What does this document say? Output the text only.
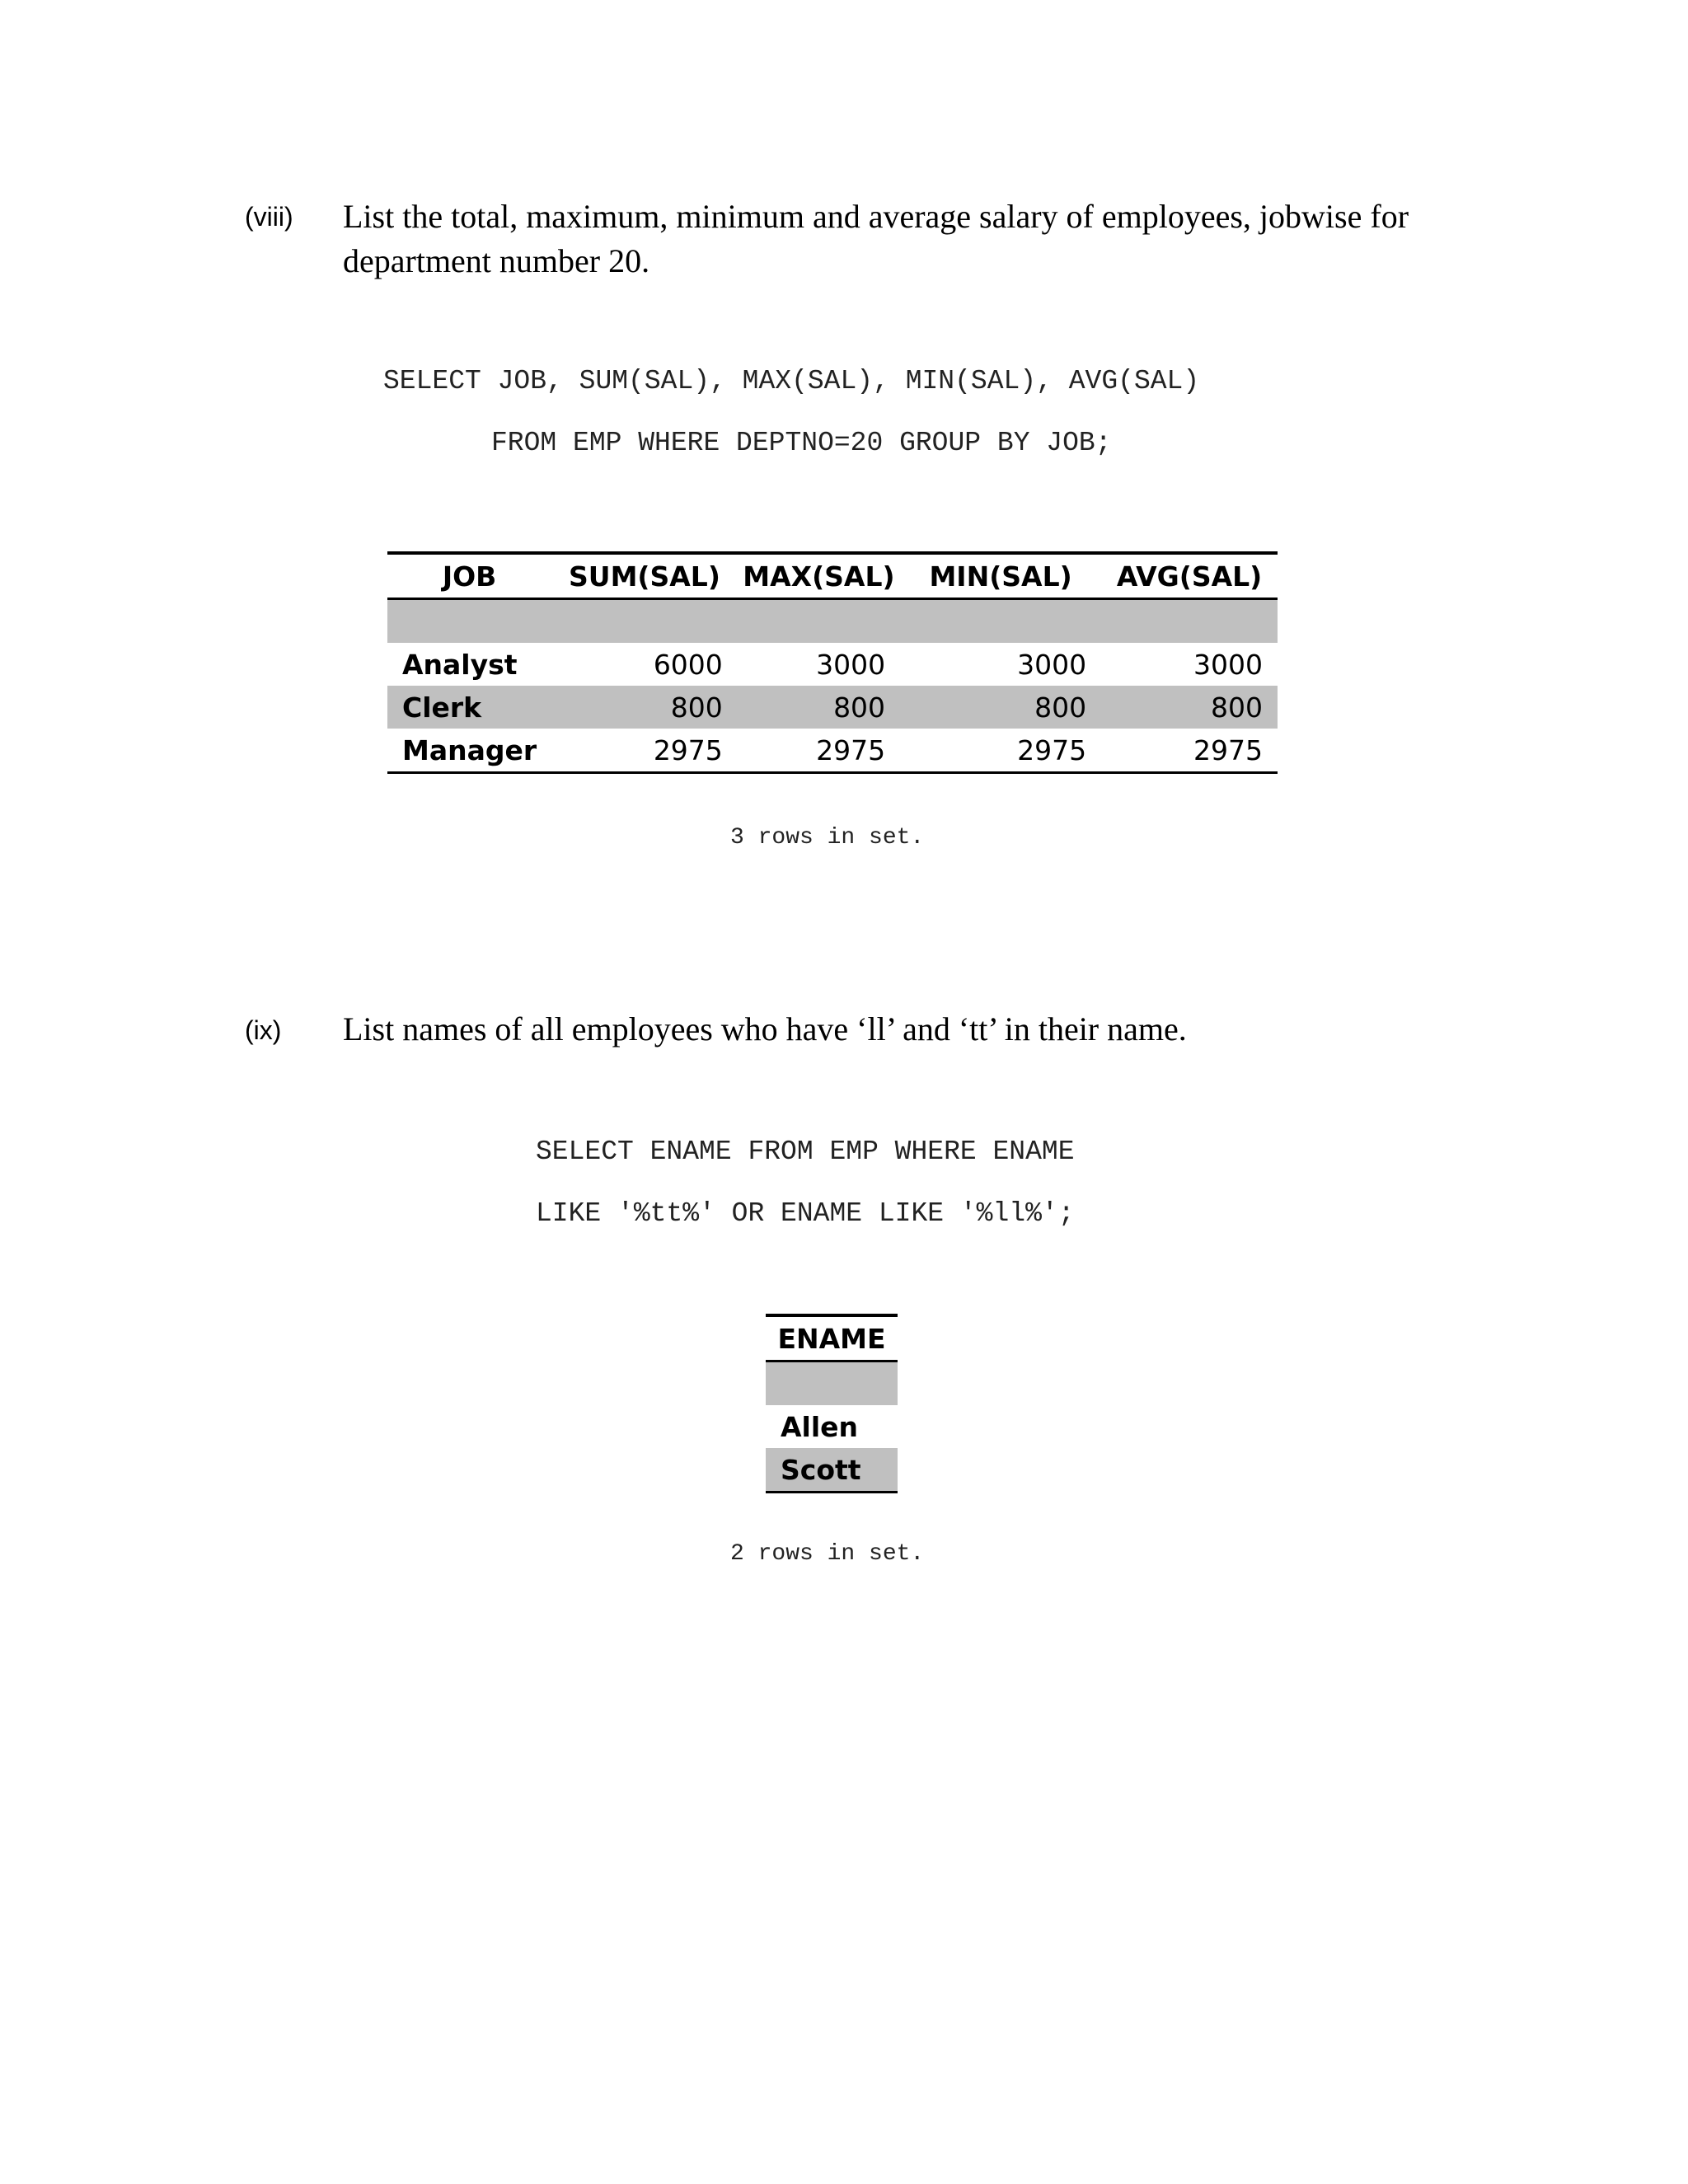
(viii) List the total, maximum, minimum and average salary of employees, jobwise for
department number 20.

SELECT JOB, SUM(SAL), MAX(SAL), MIN(SAL), AVG(SAL)
FROM EMP WHERE DEPTNO=20 GROUP BY JOB;
JOB	SUM(SAL)	MAX(SAL)	MIN(SAL)	AVG(SAL)

Analyst	6000	3000	3000	3000
Clerk	800	800	800	800
Manager	2975	2975	2975	2975
3 rows in set.
(ix) List names of all employees who have ‘ll’ and ‘tt’ in their name.

SELECT ENAME FROM EMP WHERE ENAME
LIKE '%tt%' OR ENAME LIKE '%ll%';
ENAME

Allen
Scott
2 rows in set.
